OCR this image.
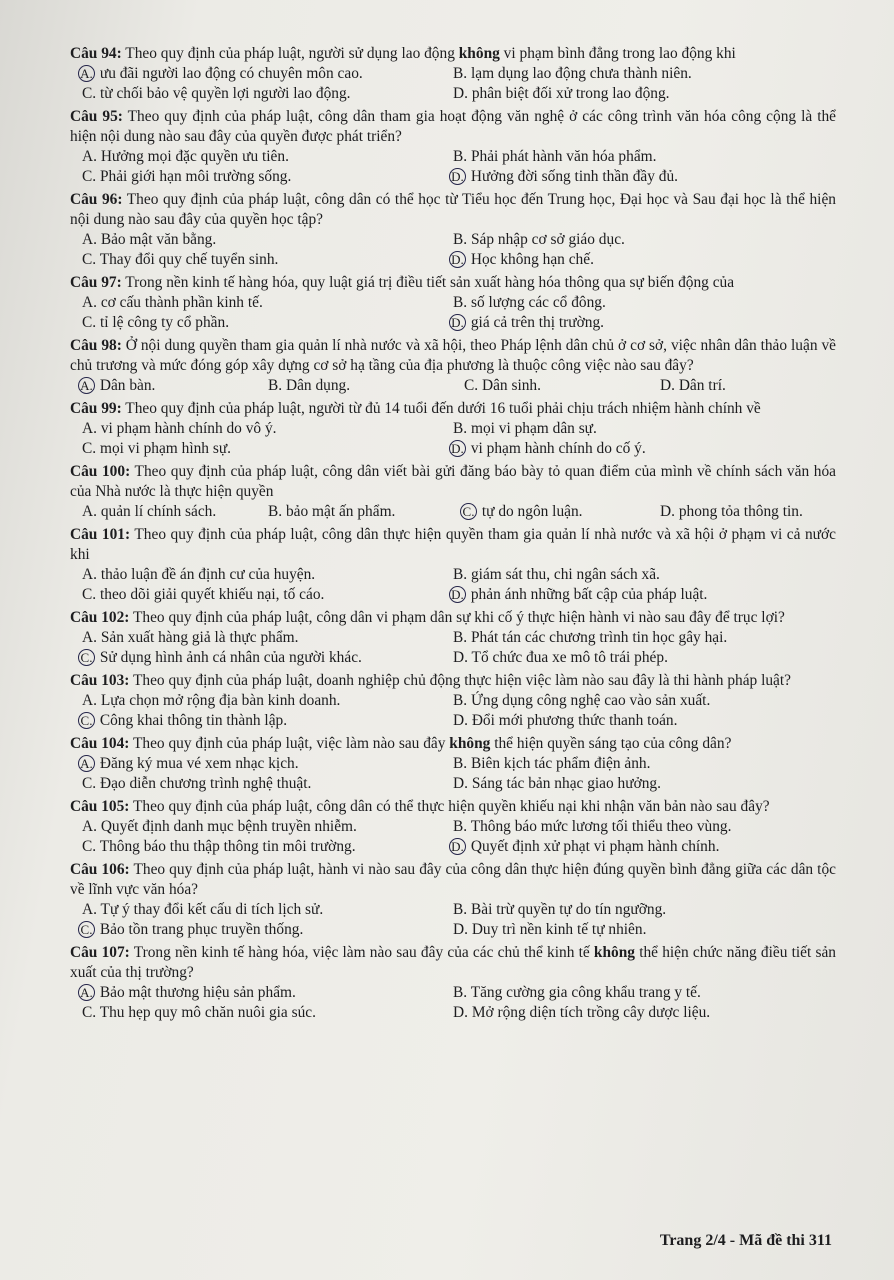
Câu 94: Theo quy định của pháp luật, người sử dụng lao động không vi phạm bình đẳng trong lao động khi
A. ưu đãi người lao động có chuyên môn cao.	B. lạm dụng lao động chưa thành niên.
C. từ chối bảo vệ quyền lợi người lao động.	D. phân biệt đối xử trong lao động.
Câu 95: Theo quy định của pháp luật, công dân tham gia hoạt động văn nghệ ở các công trình văn hóa công cộng là thể hiện nội dung nào sau đây của quyền được phát triển?
A. Hưởng mọi đặc quyền ưu tiên.	B. Phải phát hành văn hóa phẩm.
C. Phải giới hạn môi trường sống.	D. Hưởng đời sống tinh thần đầy đủ.
Câu 96: Theo quy định của pháp luật, công dân có thể học từ Tiểu học đến Trung học, Đại học và Sau đại học là thể hiện nội dung nào sau đây của quyền học tập?
A. Bảo mật văn bằng.	B. Sáp nhập cơ sở giáo dục.
C. Thay đổi quy chế tuyển sinh.	D. Học không hạn chế.
Câu 97: Trong nền kinh tế hàng hóa, quy luật giá trị điều tiết sản xuất hàng hóa thông qua sự biến động của
A. cơ cấu thành phần kinh tế.	B. số lượng các cổ đông.
C. tỉ lệ công ty cổ phần.	D. giá cả trên thị trường.
Câu 98: Ở nội dung quyền tham gia quản lí nhà nước và xã hội, theo Pháp lệnh dân chủ ở cơ sở, việc nhân dân thảo luận về chủ trương và mức đóng góp xây dựng cơ sở hạ tầng của địa phương là thuộc công việc nào sau đây?
A. Dân bàn.	B. Dân dụng.	C. Dân sinh.	D. Dân trí.
Câu 99: Theo quy định của pháp luật, người từ đủ 14 tuổi đến dưới 16 tuổi phải chịu trách nhiệm hành chính về
A. vi phạm hành chính do vô ý.	B. mọi vi phạm dân sự.
C. mọi vi phạm hình sự.	D. vi phạm hành chính do cố ý.
Câu 100: Theo quy định của pháp luật, công dân viết bài gửi đăng báo bày tỏ quan điểm của mình về chính sách văn hóa của Nhà nước là thực hiện quyền
A. quản lí chính sách.	B. bảo mật ấn phẩm.	C. tự do ngôn luận.	D. phong tỏa thông tin.
Câu 101: Theo quy định của pháp luật, công dân thực hiện quyền tham gia quản lí nhà nước và xã hội ở phạm vi cả nước khi
A. thảo luận đề án định cư của huyện.	B. giám sát thu, chi ngân sách xã.
C. theo dõi giải quyết khiếu nại, tố cáo.	D. phản ánh những bất cập của pháp luật.
Câu 102: Theo quy định của pháp luật, công dân vi phạm dân sự khi cố ý thực hiện hành vi nào sau đây để trục lợi?
A. Sản xuất hàng giả là thực phẩm.	B. Phát tán các chương trình tin học gây hại.
C. Sử dụng hình ảnh cá nhân của người khác.	D. Tổ chức đua xe mô tô trái phép.
Câu 103: Theo quy định của pháp luật, doanh nghiệp chủ động thực hiện việc làm nào sau đây là thi hành pháp luật?
A. Lựa chọn mở rộng địa bàn kinh doanh.	B. Ứng dụng công nghệ cao vào sản xuất.
C. Công khai thông tin thành lập.	D. Đổi mới phương thức thanh toán.
Câu 104: Theo quy định của pháp luật, việc làm nào sau đây không thể hiện quyền sáng tạo của công dân?
A. Đăng ký mua vé xem nhạc kịch.	B. Biên kịch tác phẩm điện ảnh.
C. Đạo diễn chương trình nghệ thuật.	D. Sáng tác bản nhạc giao hưởng.
Câu 105: Theo quy định của pháp luật, công dân có thể thực hiện quyền khiếu nại khi nhận văn bản nào sau đây?
A. Quyết định danh mục bệnh truyền nhiễm.	B. Thông báo mức lương tối thiểu theo vùng.
C. Thông báo thu thập thông tin môi trường.	D. Quyết định xử phạt vi phạm hành chính.
Câu 106: Theo quy định của pháp luật, hành vi nào sau đây của công dân thực hiện đúng quyền bình đẳng giữa các dân tộc về lĩnh vực văn hóa?
A. Tự ý thay đổi kết cấu di tích lịch sử.	B. Bài trừ quyền tự do tín ngưỡng.
C. Bảo tồn trang phục truyền thống.	D. Duy trì nền kinh tế tự nhiên.
Câu 107: Trong nền kinh tế hàng hóa, việc làm nào sau đây của các chủ thể kinh tế không thể hiện chức năng điều tiết sản xuất của thị trường?
A. Bảo mật thương hiệu sản phẩm.	B. Tăng cường gia công khẩu trang y tế.
C. Thu hẹp quy mô chăn nuôi gia súc.	D. Mở rộng diện tích trồng cây dược liệu.
Trang 2/4 - Mã đề thi 311
